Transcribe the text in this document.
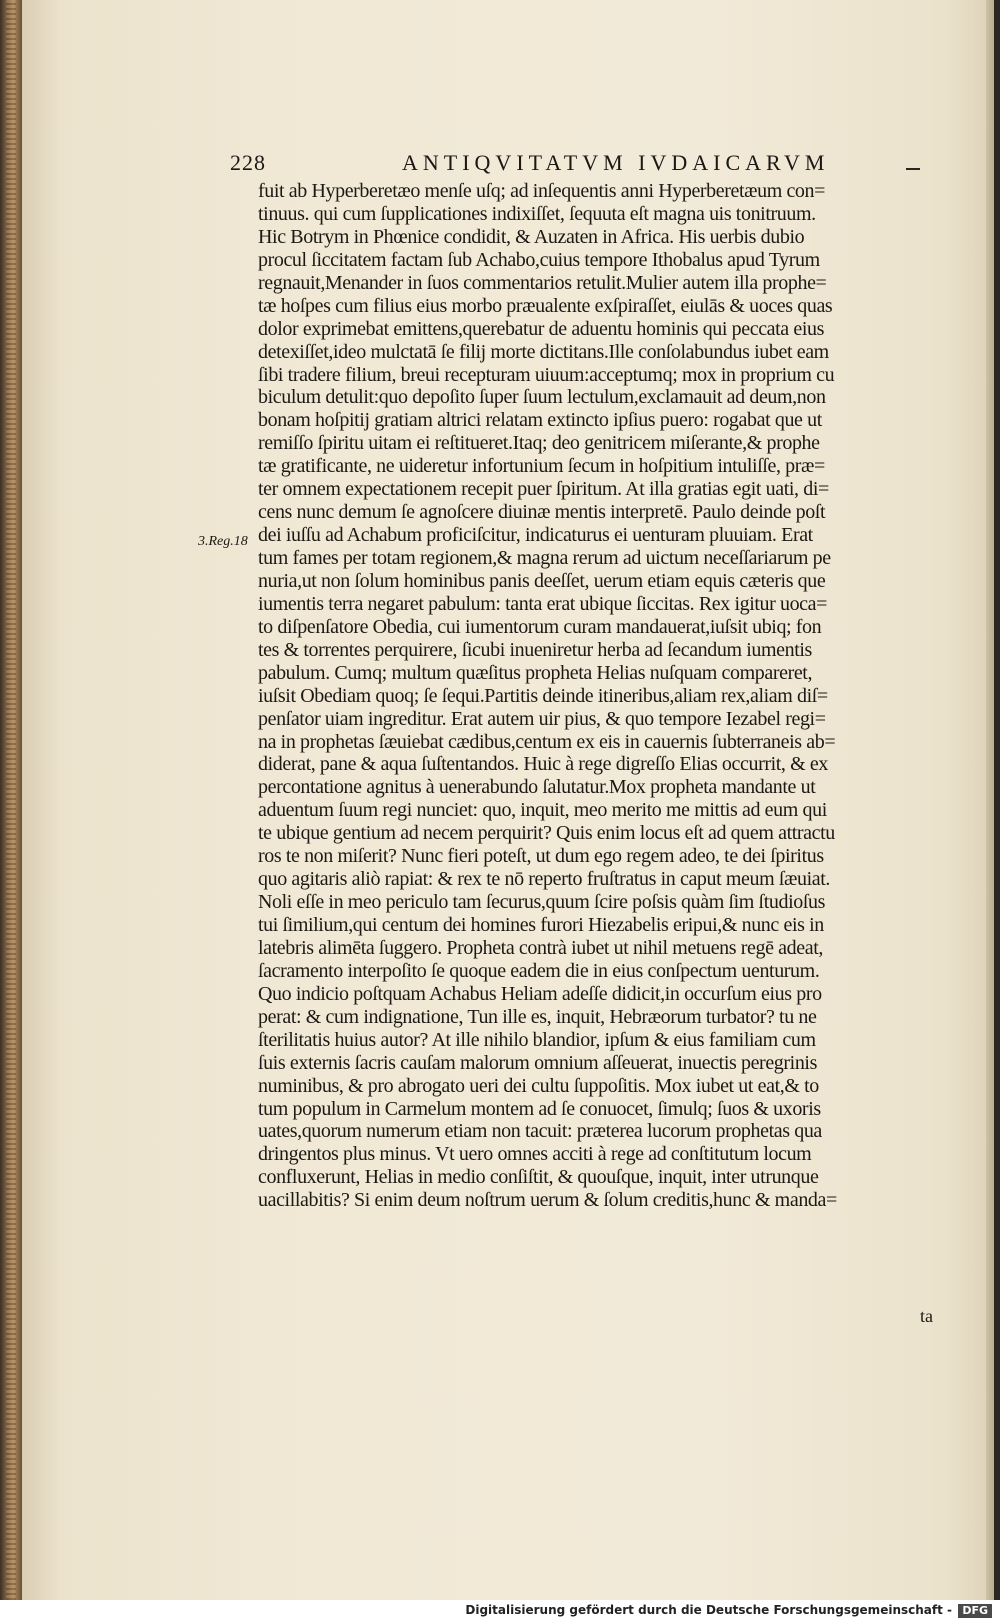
228	ANTIQVITATVM IVDAICARVM
3.Reg.18
fuit ab Hyperberetæo menſe uſq; ad inſequentis anni Hyperberetæum con=
tinuus. qui cum ſupplicationes indixiſſet, ſequuta eſt magna uis tonitruum.
Hic Botrym in Phœnice condidit, & Auzaten in Africa. His uerbis dubio
procul ſiccitatem factam ſub Achabo,cuius tempore Ithobalus apud Tyrum
regnauit,Menander in ſuos commentarios retulit.Mulier autem illa prophe=
tæ hoſpes cum filius eius morbo præualente exſpiraſſet, eiulās & uoces quas
dolor exprimebat emittens,querebatur de aduentu hominis qui peccata eius
detexiſſet,ideo mulctatā ſe filij morte dictitans.Ille conſolabundus iubet eam
ſibi tradere filium, breui recepturam uiuum:acceptumq; mox in proprium cu
biculum detulit:quo depoſito ſuper ſuum lectulum,exclamauit ad deum,non
bonam hoſpitij gratiam altrici relatam extincto ipſius puero: rogabat que ut
remiſſo ſpiritu uitam ei reſtitueret.Itaq; deo genitricem miſerante,& prophe
tæ gratificante, ne uideretur infortunium ſecum in hoſpitium intuliſſe, præ=
ter omnem expectationem recepit puer ſpiritum. At illa gratias egit uati, di=
cens nunc demum ſe agnoſcere diuinæ mentis interpretē. Paulo deinde poſt
dei iuſſu ad Achabum proficiſcitur, indicaturus ei uenturam pluuiam. Erat
tum fames per totam regionem,& magna rerum ad uictum neceſſariarum pe
nuria,ut non ſolum hominibus panis deeſſet, uerum etiam equis cæteris que
iumentis terra negaret pabulum: tanta erat ubique ſiccitas. Rex igitur uoca=
to diſpenſatore Obedia, cui iumentorum curam mandauerat,iuſsit ubiq; fon
tes & torrentes perquirere, ſicubi inueniretur herba ad ſecandum iumentis
pabulum. Cumq; multum quæſitus propheta Helias nuſquam compareret,
iuſsit Obediam quoq; ſe ſequi.Partitis deinde itineribus,aliam rex,aliam diſ=
penſator uiam ingreditur. Erat autem uir pius, & quo tempore Iezabel regi=
na in prophetas ſæuiebat cædibus,centum ex eis in cauernis ſubterraneis ab=
diderat, pane & aqua ſuſtentandos. Huic à rege digreſſo Elias occurrit, & ex
percontatione agnitus à uenerabundo ſalutatur.Mox propheta mandante ut
aduentum ſuum regi nunciet: quo, inquit, meo merito me mittis ad eum qui
te ubique gentium ad necem perquirit? Quis enim locus eſt ad quem attractu
ros te non miſerit? Nunc fieri poteſt, ut dum ego regem adeo, te dei ſpiritus
quo agitaris aliò rapiat: & rex te nō reperto fruſtratus in caput meum ſæuiat.
Noli eſſe in meo periculo tam ſecurus,quum ſcire poſsis quàm ſim ſtudioſus
tui ſimilium,qui centum dei homines furori Hiezabelis eripui,& nunc eis in
latebris alimēta ſuggero. Propheta contrà iubet ut nihil metuens regē adeat,
ſacramento interpoſito ſe quoque eadem die in eius conſpectum uenturum.
Quo indicio poſtquam Achabus Heliam adeſſe didicit,in occurſum eius pro
perat: & cum indignatione, Tun ille es, inquit, Hebræorum turbator? tu ne
ſterilitatis huius autor? At ille nihilo blandior, ipſum & eius familiam cum
ſuis externis ſacris cauſam malorum omnium aſſeuerat, inuectis peregrinis
numinibus, & pro abrogato ueri dei cultu ſuppoſitis. Mox iubet ut eat,& to
tum populum in Carmelum montem ad ſe conuocet, ſimulq; ſuos & uxoris
uates,quorum numerum etiam non tacuit: præterea lucorum prophetas qua
dringentos plus minus. Vt uero omnes acciti à rege ad conſtitutum locum
confluxerunt, Helias in medio conſiſtit, & quouſque, inquit, inter utrunque
uacillabitis? Si enim deum noſtrum uerum & ſolum creditis,hunc & manda=
ta
Digitalisierung gefördert durch die Deutsche Forschungsgemeinschaft - DFG
